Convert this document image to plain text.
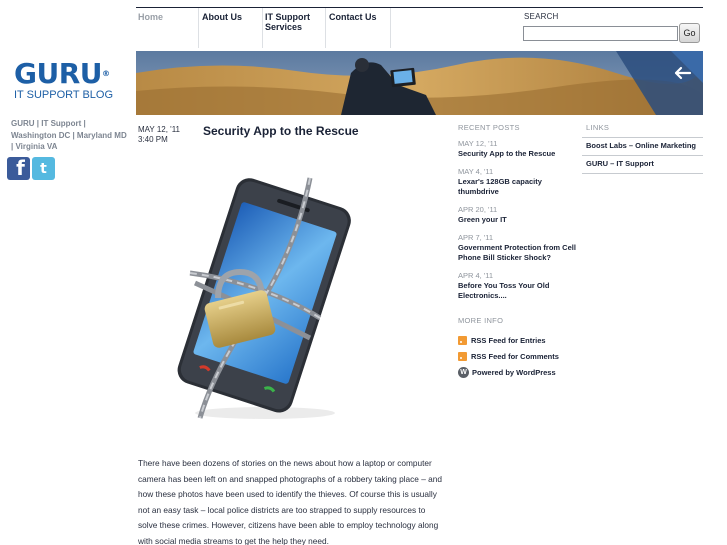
GURU®
IT SUPPORT BLOG
GURU | IT Support | Washington DC | Maryland MD | Virginia VA
f	t
Home	About Us	IT Support Services
Contact Us	SEARCH
Go
MAY 12, '11
3:40 PM
Security App to the Rescue
There have been dozens of stories on the news about how a laptop or computer camera has been left on and snapped photographs of a robbery taking place – and how these photos have been used to identify the thieves. Of course this is usually not an easy task – local police districts are too strapped to supply resources to solve these crimes. However, citizens have been able to employ technology along with social media streams to get the help they need.
RECENT POSTS
MAY 12, '11
Security App to the Rescue
MAY 4, '11
Lexar's 128GB capacity thumbdrive
APR 20, '11
Green your IT
APR 7, '11
Government Protection from Cell Phone Bill Sticker Shock?
APR 4, '11
Before You Toss Your Old Electronics....
MORE INFO
RSS Feed for Entries
RSS Feed for Comments
W Powered by WordPress
LINKS
Boost Labs – Online Marketing
GURU – IT Support
